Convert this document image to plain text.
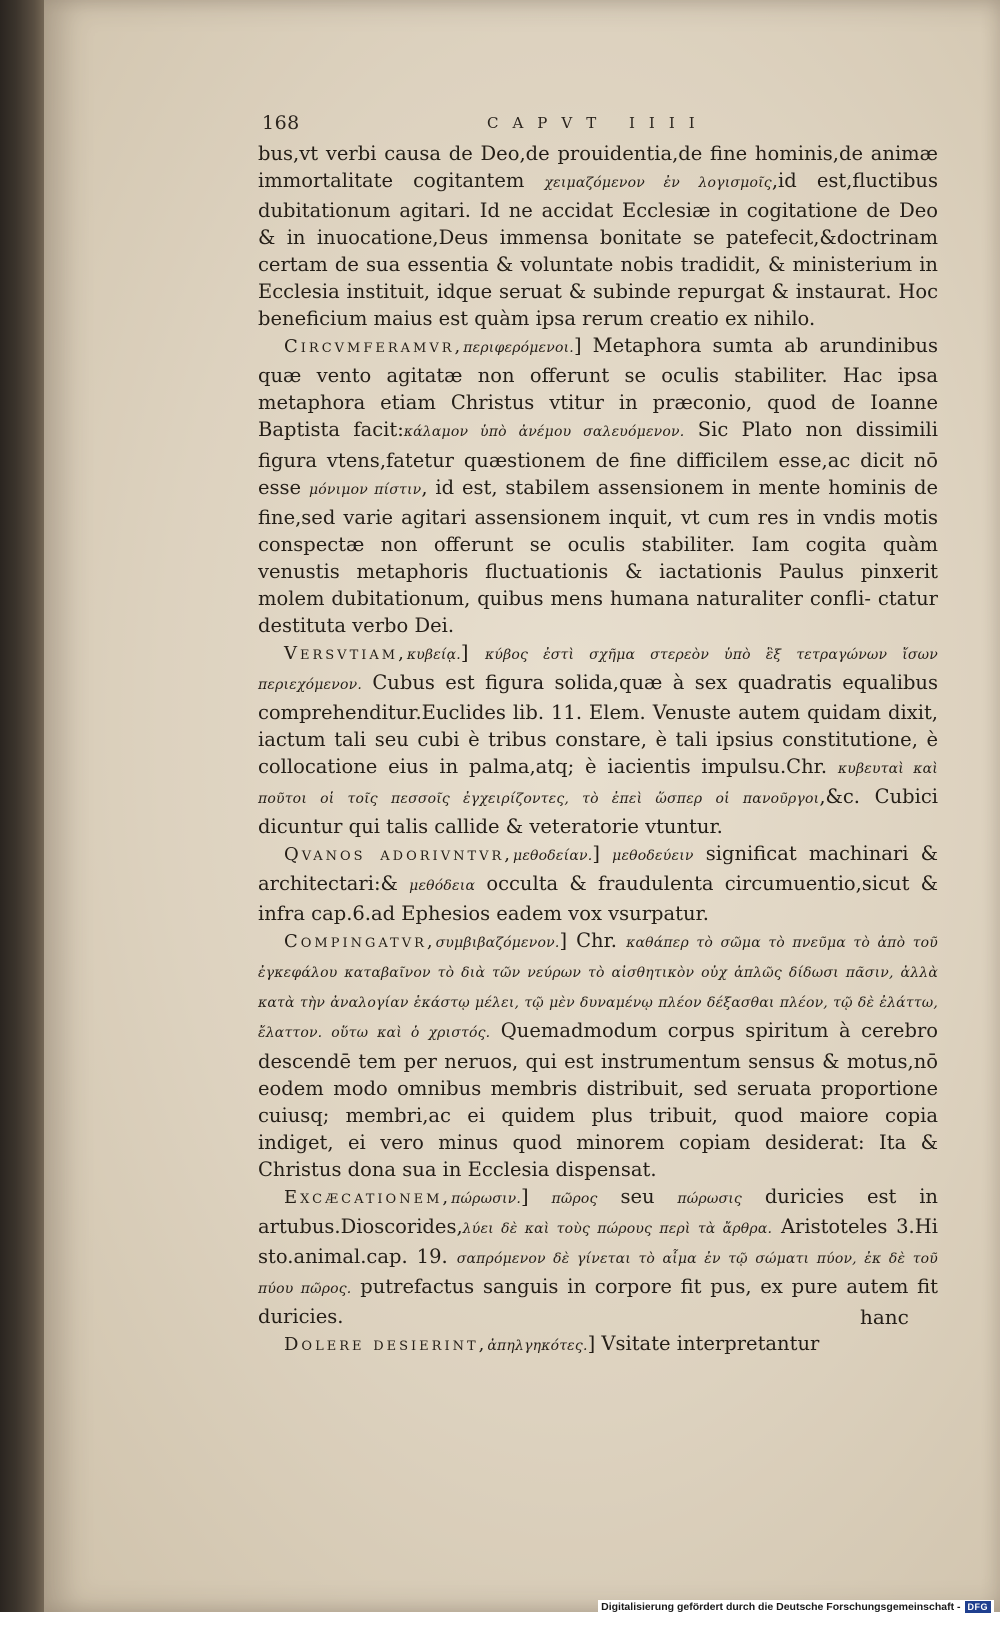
168	CAPVT IIII

bus,vt verbi causa de Deo,de prouidentia,de fine hominis,de animæ immortalitate cogitantem χειμαζόμενον ἐν λογισμοῖς,id est,fluctibus dubitationum agitari. Id ne accidat Ecclesiæ in cogitatione de Deo & in inuocatione,Deus immensa bonitate se patefecit,&doctrinam certam de sua essentia & voluntate nobis tradidit, & ministerium in Ecclesia instituit, idque seruat & subinde repurgat & instaurat. Hoc beneficium maius est quàm ipsa rerum creatio ex nihilo.

Circvmferamvr,περιφερόμενοι.] Metaphora sumta ab arundinibus quæ vento agitatæ non offerunt se oculis stabiliter. Hac ipsa metaphora etiam Christus vtitur in præconio, quod de Ioanne Baptista facit:κάλαμον ὑπὸ ἀνέμου σαλευόμενον. Sic Plato non dissimili figura vtens,fatetur quæstionem de fine difficilem esse,ac dicit nō esse μόνιμον πίστιν, id est, stabilem assensionem in mente hominis de fine,sed varie agitari assensionem inquit, vt cum res in vndis motis conspectæ non offerunt se oculis stabiliter. Iam cogita quàm venustis metaphoris fluctuationis & iactationis Paulus pinxerit molem dubitationum, quibus mens humana naturaliter confli- ctatur destituta verbo Dei.

Versvtiam,κυβείᾳ.] κύβος ἐστὶ σχῆμα στερεὸν ὑπὸ ἓξ τετραγώνων ἴσων περιεχόμενον. Cubus est figura solida,quæ à sex quadratis equalibus comprehenditur.Euclides lib. 11. Elem. Venuste autem quidam dixit, iactum tali seu cubi è tribus constare, è tali ipsius constitutione, è collocatione eius in palma,atq; è iacientis impulsu.Chr. κυβευταὶ καὶ ποῦτοι οἱ τοῖς πεσσοῖς ἐγχειρίζοντες, τὸ ἐπεὶ ὥσπερ οἱ πανοῦργοι,&c. Cubici dicuntur qui talis callide & veteratorie vtuntur.

Qvanos adorivntvr,μεθοδείαν.] μεθοδεύειν significat machinari & architectari:& μεθόδεια occulta & fraudulenta circumuentio,sicut & infra cap.6.ad Ephesios eadem vox vsurpatur.

Compingatvr,συμβιβαζόμενον.] Chr. καθάπερ τὸ σῶμα τὸ πνεῦμα τὸ ἀπὸ τοῦ ἐγκεφάλου καταβαῖνον τὸ διὰ τῶν νεύρων τὸ αἰσθητικὸν οὐχ ἁπλῶς δίδωσι πᾶσιν, ἀλλὰ κατὰ τὴν ἀναλογίαν ἑκάστῳ μέλει, τῷ μὲν δυναμένῳ πλέον δέξασθαι πλέον, τῷ δὲ ἐλάττω, ἔλαττον. οὕτω καὶ ὁ χριστός. Quemadmodum corpus spiritum à cerebro descendē tem per neruos, qui est instrumentum sensus & motus,nō eodem modo omnibus membris distribuit, sed seruata proportione cuiusq; membri,ac ei quidem plus tribuit, quod maiore copia indiget, ei vero minus quod minorem copiam desiderat: Ita & Christus dona sua in Ecclesia dispensat.

Excæcationem,πώρωσιν.] πῶρος seu πώρωσις duricies est in artubus.Dioscorides,λύει δὲ καὶ τοὺς πώρους περὶ τὰ ἄρθρα. Aristoteles 3.Hi sto.animal.cap. 19. σαπρόμενον δὲ γίνεται τὸ αἷμα ἐν τῷ σώματι πύον, ἐκ δὲ τοῦ πύου πῶρος. putrefactus sanguis in corpore fit pus, ex pure autem fit duricies.

Dolere desierint,ἀπηλγηκότες.] Vsitate interpretantur

hanc
Digitalisierung gefördert durch die Deutsche Forschungsgemeinschaft - DFG
